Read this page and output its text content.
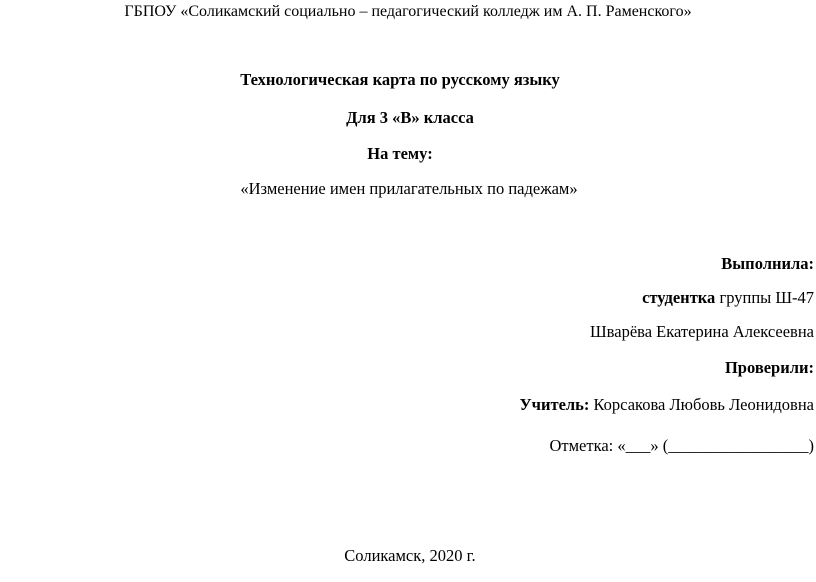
ГБПОУ «Соликамский социально – педагогический колледж им А. П. Раменского»
Технологическая карта по русскому языку
Для 3 «В» класса
На тему:
«Изменение имен прилагательных по падежам»
Выполнила:
студентка группы Ш-47
Шварёва Екатерина Алексеевна
Проверили:
Учитель: Корсакова Любовь Леонидовна
Отметка: «___» (_________________)
Соликамск, 2020 г.
